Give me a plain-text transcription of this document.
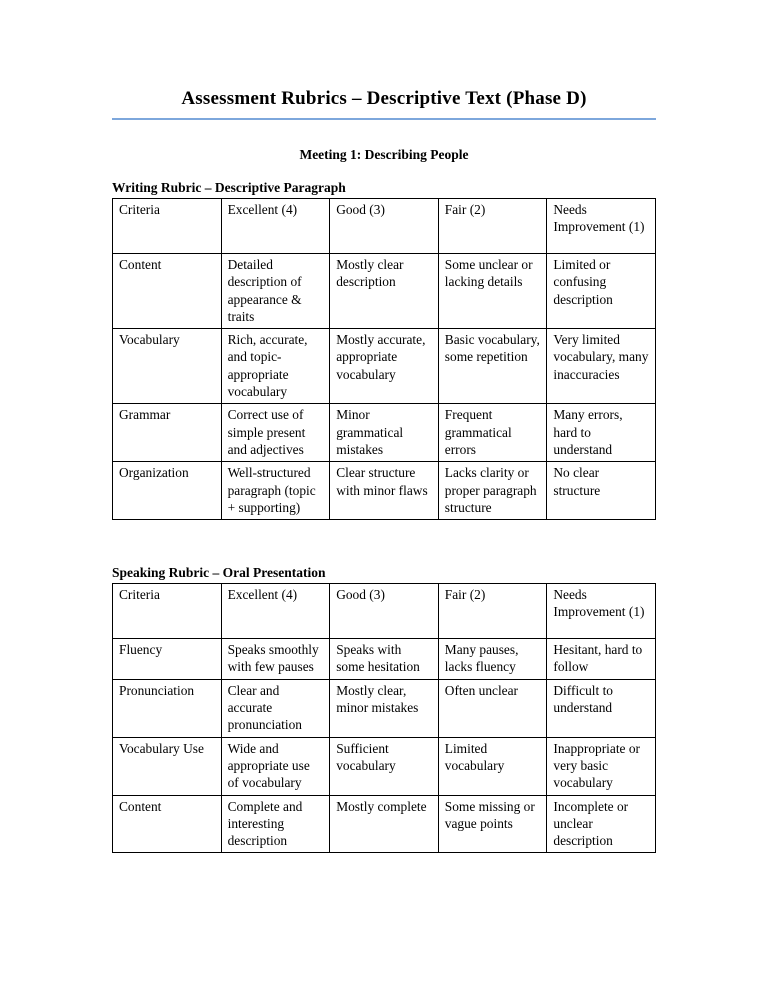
Assessment Rubrics – Descriptive Text (Phase D)
Meeting 1: Describing People
Writing Rubric – Descriptive Paragraph
Criteria	Excellent (4)	Good (3)	Fair (2)	Needs Improvement (1)
Content	Detailed description of appearance & traits	Mostly clear description	Some unclear or lacking details	Limited or confusing description
Vocabulary	Rich, accurate, and topic-appropriate vocabulary	Mostly accurate, appropriate vocabulary	Basic vocabulary, some repetition	Very limited vocabulary, many inaccuracies
Grammar	Correct use of simple present and adjectives	Minor grammatical mistakes	Frequent grammatical errors	Many errors, hard to understand
Organization	Well-structured paragraph (topic + supporting)	Clear structure with minor flaws	Lacks clarity or proper paragraph structure	No clear structure
Speaking Rubric – Oral Presentation
Criteria	Excellent (4)	Good (3)	Fair (2)	Needs Improvement (1)
Fluency	Speaks smoothly with few pauses	Speaks with some hesitation	Many pauses, lacks fluency	Hesitant, hard to follow
Pronunciation	Clear and accurate pronunciation	Mostly clear, minor mistakes	Often unclear	Difficult to understand
Vocabulary Use	Wide and appropriate use of vocabulary	Sufficient vocabulary	Limited vocabulary	Inappropriate or very basic vocabulary
Content	Complete and interesting description	Mostly complete	Some missing or vague points	Incomplete or unclear description
